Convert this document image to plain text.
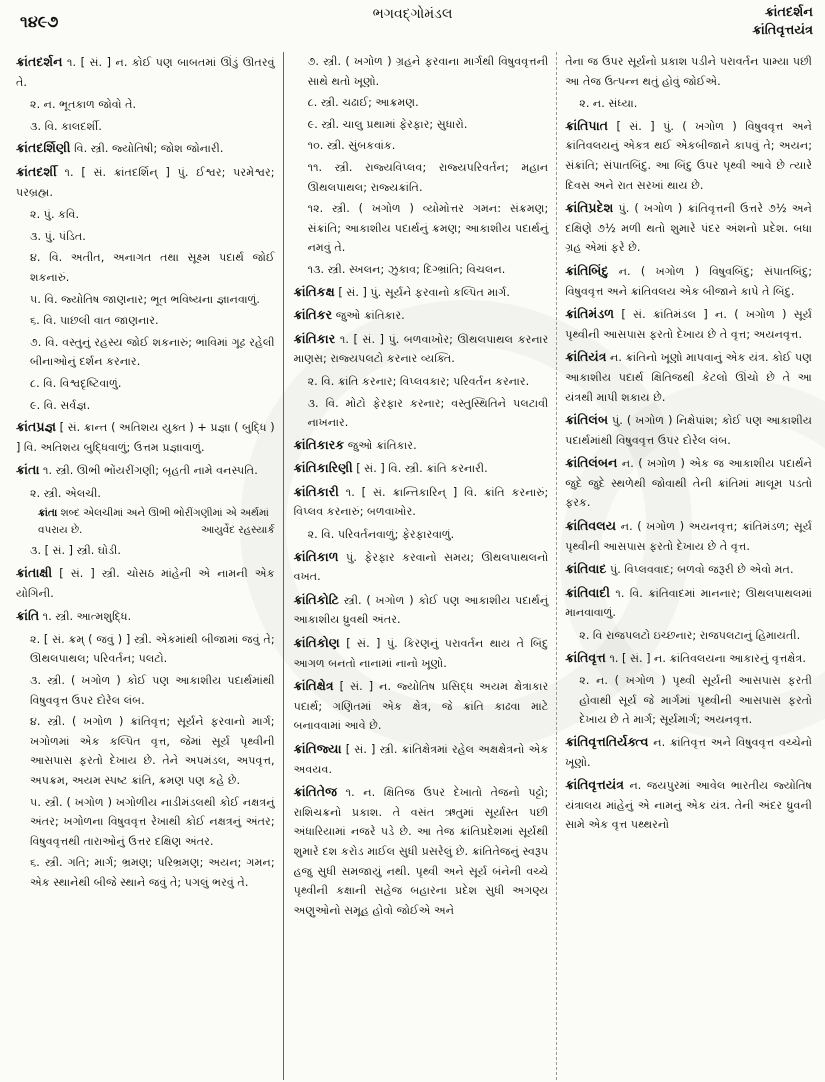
૧૪૯૭	ભગવદ્ગોમંડલ	ક્રાંતદર્શન
ક્રાંતિવૃત્તયંત્ર
ક્રાંતદર્શન ૧. [ સં. ] ન. કોઈ પણ બાબતમાં ઊંડું ઊતરવું તે.
૨. ન. ભૂતકાળ જોવો તે.
૩. વિ. કાલદર્શી.
ક્રાંતદર્શિણી વિ. સ્ત્રી. જ્યોતિષી; જોશ જોનારી.
ક્રાંતદર્શી ૧. [ સં. ક્રાંતદર્શિન્ ] પું. ઈશ્વર; પરમેશ્વર; પરબ્રહ્મ.
૨. પું. કવિ.
૩. પું. પંડિત.
૪. વિ. અતીત, અનાગત તથા સૂક્ષ્મ પદાર્થ જોઈ શકનારું.
૫. વિ. જ્યોતિષ જાણનાર; ભૂત ભવિષ્યના જ્ઞાનવાળું.
૬. વિ. પાછલી વાત જાણનાર.
૭. વિ. વસ્તુનું રહસ્ય જોઈ શકનારું; ભાવિમાં ગૂઢ રહેલી બીનાઓનું દર્શન કરનાર.
૮. વિ. વિશ્વદૃષ્ટિવાળું.
૯. વિ. સર્વજ્ઞ.
ક્રાંતપ્રજ્ઞ [ સં. ક્રાન્ત ( અતિશય યુક્ત ) + પ્રજ્ઞા ( બુદ્ધિ ) ] વિ. અતિશય બુદ્ધિવાળું; ઉત્તમ પ્રજ્ઞાવાળું.
ક્રાંતા ૧. સ્ત્રી. ઊભી ભોંયરીંગણી; બૃહતી નામે વનસ્પતિ.
૨. સ્ત્રી. એલચી.
ક્રાંતા શબ્દ એલચીમાં અને ઊભી ભોરીંગણીમાં એ અર્થમાં વપરાય છે.	આયુર્વેદ રહસ્યાર્ક
૩. [ સં. ] સ્ત્રી. ઘોડી.
ક્રાંતાક્ષી [ સં. ] સ્ત્રી. ચોસઠ માંહેની એ નામની એક યોગિની.
ક્રાંતિ ૧. સ્ત્રી. આત્મશુદ્ધિ.
૨. [ સં. ક્રમ્ ( જવું ) ] સ્ત્રી. એકમાંથી બીજામાં જવું તે; ઊથલપાથલ; પરિવર્તન; પલટો.
૩. સ્ત્રી. ( ખગોળ ) કોઈ પણ આકાશીય પદાર્થમાંથી વિષુવવૃત્ત ઉપર દોરેલ લંબ.
૪. સ્ત્રી. ( ખગોળ ) ક્રાંતિવૃત્ત; સૂર્યને ફરવાનો માર્ગ; ખગોળમાં એક કલ્પિત વૃત્ત, જેમાં સૂર્ય પૃથ્વીની આસપાસ ફરતો દેખાય છે. તેને અપમંડલ, અપવૃત્ત, અપક્રમ, અયમ સ્પષ્ટ ક્રાંતિ, ક્રમણ પણ કહે છે.
૫. સ્ત્રી. ( ખગોળ ) ખગોળીય નાડીમંડલથી કોઈ નક્ષત્રનું અંતર; ખગોળના વિષુવવૃત્ત રેખાથી કોઈ નક્ષત્રનું અંતર; વિષુવવૃત્તથી તારાઓનું ઉત્તર દક્ષિણ અંતર.
૬. સ્ત્રી. ગતિ; માર્ગ; ભ્રમણ; પરિભ્રમણ; અયન; ગમન; એક સ્થાનેથી બીજે સ્થાને જવું તે; પગલું ભરવું તે.
૭. સ્ત્રી. ( ખગોળ ) ગ્રહને ફરવાના માર્ગથી વિષુવવૃત્તની સાથે થતો ખૂણો.
૮. સ્ત્રી. ચઢાઈ; આક્રમણ.
૯. સ્ત્રી. ચાલુ પ્રથામાં ફેરફાર; સુધારો.
૧૦. સ્ત્રી. સુંબકવાંક.
૧૧. સ્ત્રી. રાજ્યવિપ્લવ; રાજ્યપરિવર્તન; મહાન ઊથલપાથલ; રાજ્યક્રાંતિ.
૧૨. સ્ત્રી. ( ખગોળ ) વ્યોમોત્તર ગમન: સંક્રમણ; સંક્રાંતિ; આકાશીય પદાર્થનું ક્રમણ; આકાશીય પદાર્થનું નમવું તે.
૧૩. સ્ત્રી. સ્ખલન; ઝુકાવ; દિગ્ભ્રાંતિ; વિચલન.
ક્રાંતિકક્ષ [ સં. ] પું. સૂર્યને ફરવાનો કલ્પિત માર્ગ.
ક્રાંતિકર જુઓ ક્રાંતિકાર.
ક્રાંતિકાર ૧. [ સં. ] પું. બળવાખોર; ઊથલપાથલ કરનાર માણસ; રાજ્યપલટો કરનાર વ્યક્તિ.
૨. વિ. ક્રાંતિ કરનાર; વિપ્લવકાર; પરિવર્તન કરનાર.
૩. વિ. મોટો ફેરફાર કરનાર; વસ્તુસ્થિતિને પલટાવી નાખનાર.
ક્રાંતિકારક જુઓ ક્રાંતિકાર.
ક્રાંતિકારિણી [ સં. ] વિ. સ્ત્રી. ક્રાંતિ કરનારી.
ક્રાંતિકારી ૧. [ સં. ક્રાન્તિકારિન્ ] વિ. ક્રાંતિ કરનારું; વિપ્લવ કરનારું; બળવાખોર.
૨. વિ. પરિવર્તનવાળું; ફેરફારવાળું.
ક્રાંતિકાળ પું. ફેરફાર કરવાનો સમય; ઊથલપાથલનો વખત.
ક્રાંતિકોટિ સ્ત્રી. ( ખગોળ ) કોઈ પણ આકાશીય પદાર્થનું આકાશીય ધ્રુવથી અંતર.
ક્રાંતિકોણ [ સં. ] પું. કિરણનું પરાવર્તન થાય તે બિંદુ આગળ બનતો નાનામાં નાનો ખૂણો.
ક્રાંતિક્ષેત્ર [ સં. ] ન. જ્યોતિષ પ્રસિદ્ધ અયમ ક્ષેત્રાકાર પદાર્થ; ગણિતમાં એક ક્ષેત્ર, જે ક્રાંતિ કાઢવા માટે બનાવવામાં આવે છે.
ક્રાંતિજ્યા [ સં. ] સ્ત્રી. ક્રાંતિક્ષેત્રમાં રહેલ અક્ષક્ષેત્રનો એક અવયવ.
ક્રાંતિતેજ ૧. ન. ક્ષિતિજ ઉપર દેખાતો તેજનો પટ્ટો; રાશિચક્રનો પ્રકાશ. તે વસંત ઋતુમાં સૂર્યાસ્ત પછી અંધારિયામાં નજરે પડે છે. આ તેજ ક્રાંતિપ્રદેશમાં સૂર્યથી શુમારે દશ કરોડ માઈલ સુધી પ્રસરેલું છે. ક્રાંતિતેજનું સ્વરૂપ હજુ સુધી સમજાયું નથી. પૃથ્વી અને સૂર્ય બંનેની વચ્ચે પૃથ્વીની કક્ષાની સહેજ બહારના પ્રદેશ સુધી અગણ્ય અણુઓનો સમૂહ હોવો જોઈએ અને
તેના જ ઉપર સૂર્યનો પ્રકાશ પડીને પરાવર્તન પામ્યા પછી આ તેજ ઉત્પન્ન થતું હોવું જોઈએ.
૨. ન. સંધ્યા.
ક્રાંતિપાત [ સં. ] પું. ( ખગોળ ) વિષુવવૃત્ત અને ક્રાંતિવલયનું એકત્ર થઈ એકબીજાને કાપવું તે; અયન; સંક્રાંતિ; સંપાતબિંદુ. આ બિંદુ ઉપર પૃથ્વી આવે છે ત્યારે દિવસ અને રાત સરખાં થાય છે.
ક્રાંતિપ્રદેશ પું. ( ખગોળ ) ક્રાંતિવૃત્તની ઉત્તરે ૭½ અને દક્ષિણે ૭½ મળી થતો શુમારે પંદર અંશનો પ્રદેશ. બધા ગ્રહ એમાં ફરે છે.
ક્રાંતિબિંદુ ન. ( ખગોળ ) વિષુવબિંદુ; સંપાતબિંદુ; વિષુવવૃત્ત અને ક્રાંતિવલય એક બીજાને કાપે તે બિંદુ.
ક્રાંતિમંડળ [ સં. ક્રાંતિમંડલ ] ન. ( ખગોળ ) સૂર્ય પૃથ્વીની આસપાસ ફરતો દેખાય છે તે વૃત્ત; અયનવૃત્ત.
ક્રાંતિયંત્ર ન. ક્રાંતિનો ખૂણો માપવાનું એક યંત્ર. કોઈ પણ આકાશીય પદાર્થ ક્ષિતિજથી કેટલો ઊંચો છે તે આ યંત્રથી માપી શકાય છે.
ક્રાંતિલંબ પું. ( ખગોળ ) નિક્ષેપાંશ; કોઈ પણ આકાશીય પદાર્થમાંથી વિષુવવૃત્ત ઉપર દોરેલ લંબ.
ક્રાંતિલંબન ન. ( ખગોળ ) એક જ આકાશીય પદાર્થને જુદે જુદે સ્થળેથી જોવાથી તેની ક્રાંતિમાં માલૂમ પડતો ફરક.
ક્રાંતિવલય ન. ( ખગોળ ) અયનવૃત્ત; ક્રાંતિમંડળ; સૂર્ય પૃથ્વીની આસપાસ ફરતો દેખાય છે તે વૃત્ત.
ક્રાંતિવાદ પું. વિપ્લવવાદ; બળવો જરૂરી છે એવો મત.
ક્રાંતિવાદી ૧. વિ. ક્રાંતિવાદમાં માનનાર; ઊથલપાથલમાં માનવાવાળું.
૨. વિ રાજપલટો ઇચ્છનાર; રાજપલટાનું હિમાયતી.
ક્રાંતિવૃત્ત ૧. [ સં. ] ન. ક્રાંતિવલયના આકારનું વૃત્તક્ષેત્ર.
૨. ન. ( ખગોળ ) પૃથ્વી સૂર્યની આસપાસ ફરતી હોવાથી સૂર્ય જે માર્ગમાં પૃથ્વીની આસપાસ ફરતો દેખાય છે તે માર્ગ; સૂર્યમાર્ગ; અયનવૃત્ત.
ક્રાંતિવૃત્તતિર્યક્ત્વ ન. ક્રાંતિવૃત્ત અને વિષુવવૃત્ત વચ્ચેનો ખૂણો.
ક્રાંતિવૃત્તયંત્ર ન. જયપુરમાં આવેલ ભારતીય જ્યોતિષ યંત્રાલય માંહેનું એ નામનું એક યંત્ર. તેની અંદર ધ્રુવની સામે એક વૃત્ત પથ્થરનો
